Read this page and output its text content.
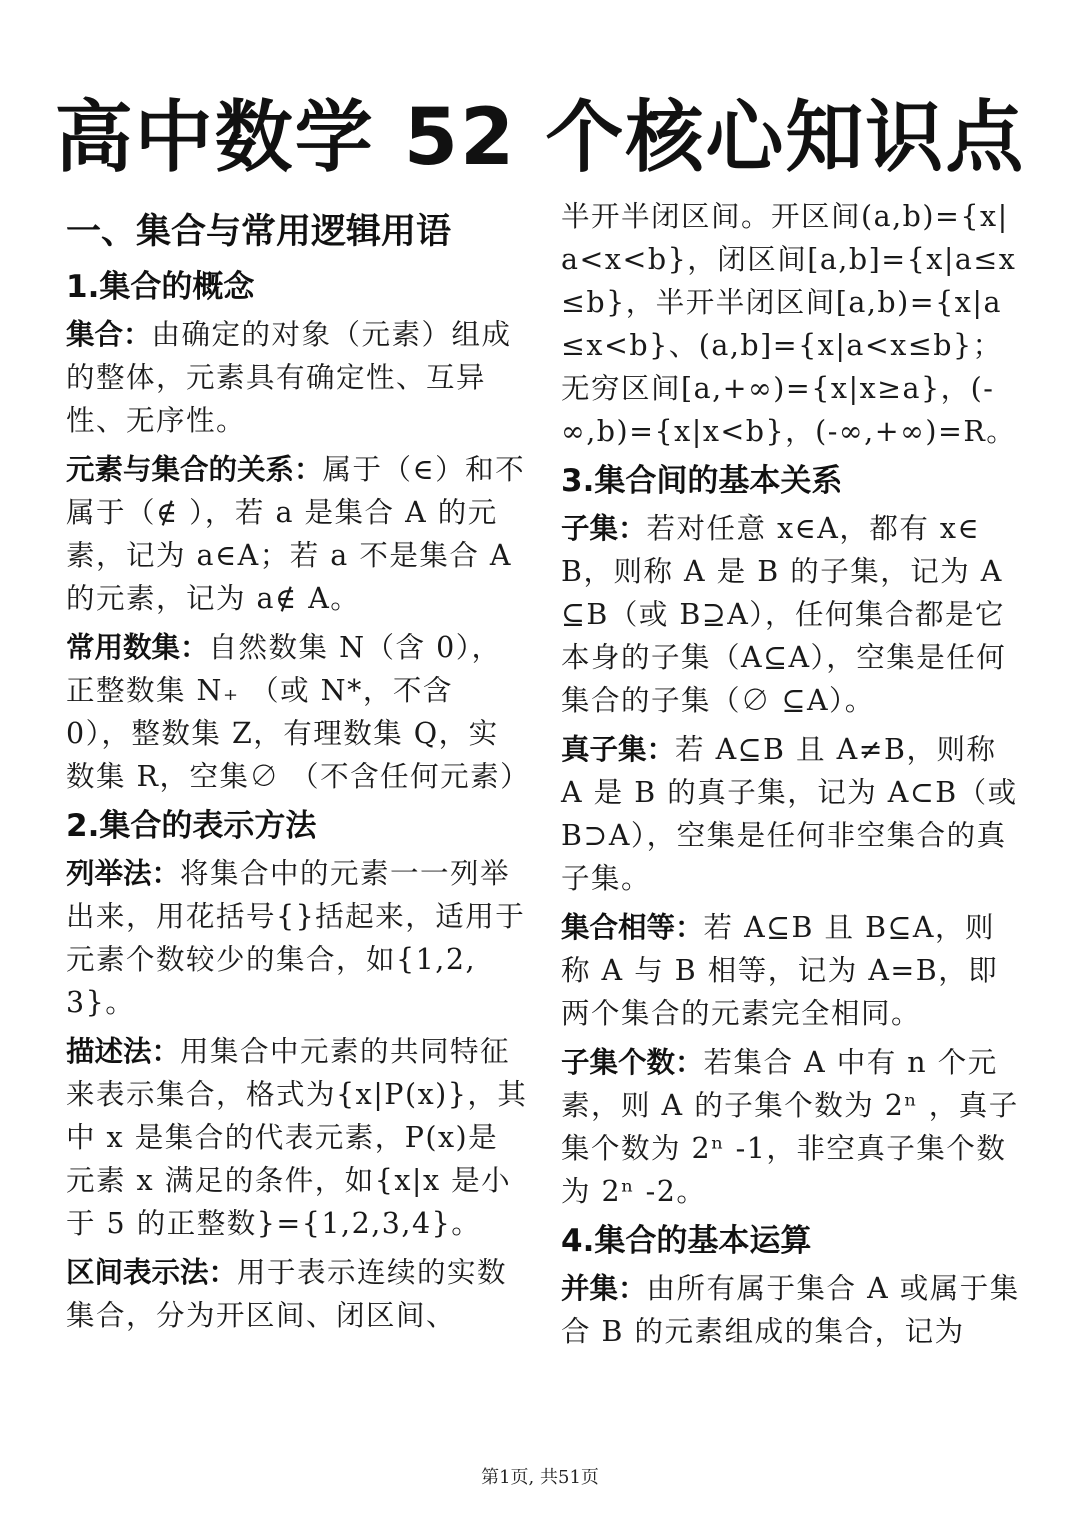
高中数学 52 个核心知识点
一、集合与常用逻辑用语
1.集合的概念

集合：由确定的对象（元素）组成的整体，元素具有确定性、互异性、无序性。

元素与集合的关系：属于（∈）和不属于（∉ ），若 a 是集合 A 的元素，记为 a∈A；若 a 不是集合 A 的元素，记为 a∉ A。

常用数集：自然数集 N（含 0），正整数集 N₊ （或 N*，不含 0），整数集 Z，有理数集 Q，实数集 R，空集∅ （不含任何元素）

2.集合的表示方法

列举法：将集合中的元素一一列举出来，用花括号{}括起来，适用于元素个数较少的集合，如{1,2,3}。

描述法：用集合中元素的共同特征来表示集合，格式为{x|P(x)}，其中 x 是集合的代表元素，P(x)是元素 x 满足的条件，如{x|x 是小于 5 的正整数}={1,2,3,4}。

区间表示法：用于表示连续的实数集合，分为开区间、闭区间、

半开半闭区间。开区间(a,b)={x|a<x<b}，闭区间[a,b]={x|a≤x≤b}，半开半闭区间[a,b)={x|a≤x<b}、(a,b]={x|a<x≤b}；无穷区间[a,+∞)={x|x≥a}，(-∞,b)={x|x<b}，(-∞,+∞)=R。

3.集合间的基本关系

子集：若对任意 x∈A，都有 x∈B，则称 A 是 B 的子集，记为 A⊆B（或 B⊇A），任何集合都是它本身的子集（A⊆A），空集是任何集合的子集（∅ ⊆A）。

真子集：若 A⊆B 且 A≠B，则称 A 是 B 的真子集，记为 A⊂B（或 B⊃A），空集是任何非空集合的真子集。

集合相等：若 A⊆B 且 B⊆A，则称 A 与 B 相等，记为 A=B，即两个集合的元素完全相同。

子集个数：若集合 A 中有 n 个元素，则 A 的子集个数为 2ⁿ ，真子集个数为 2ⁿ -1，非空真子集个数为 2ⁿ -2。

4.集合的基本运算

并集：由所有属于集合 A 或属于集合 B 的元素组成的集合，记为

第1页, 共51页
